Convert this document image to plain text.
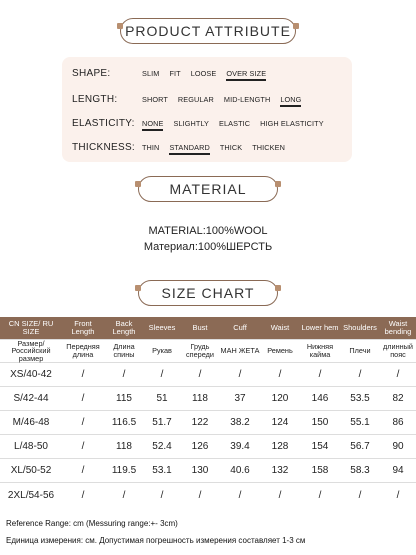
PRODUCT ATTRIBUTE
SHAPE:	SLIM FIT LOOSE OVER SIZE
LENGTH:	SHORT REGULAR MID-LENGTH LONG
ELASTICITY: NONE SLIGHTLY ELASTIC HIGH ELASTICITY
THICKNESS: THIN STANDARD THICK THICKEN
MATERIAL
MATERIAL:100%WOOL
Материал:100%ШЕРСТЬ
SIZE CHART
CN SIZE/ RU SIZE	Front Length	Back Length	Sleeves	Bust	Cuff	Waist	Lower hem	Shoulders	Waist bending
Размер/ Российский размер	Передняя длина	Длина спины	Рукав	Грудь спереди	МАН ЖЕТА	Ремень	Нижняя кайма	Плечи	длинный пояс
XS/40-42	/	/	/	/	/	/	/	/	/
S/42-44	/	115	51	118	37	120	146	53.5	82
M/46-48	/	116.5	51.7	122	38.2	124	150	55.1	86
L/48-50	/	118	52.4	126	39.4	128	154	56.7	90
XL/50-52	/	119.5	53.1	130	40.6	132	158	58.3	94
2XL/54-56	/	/	/	/	/	/	/	/	/
Reference Range: cm (Messuring range:+- 3cm)
Единица измерения: см. Допустимая погрешность измерения составляет 1-3 см
